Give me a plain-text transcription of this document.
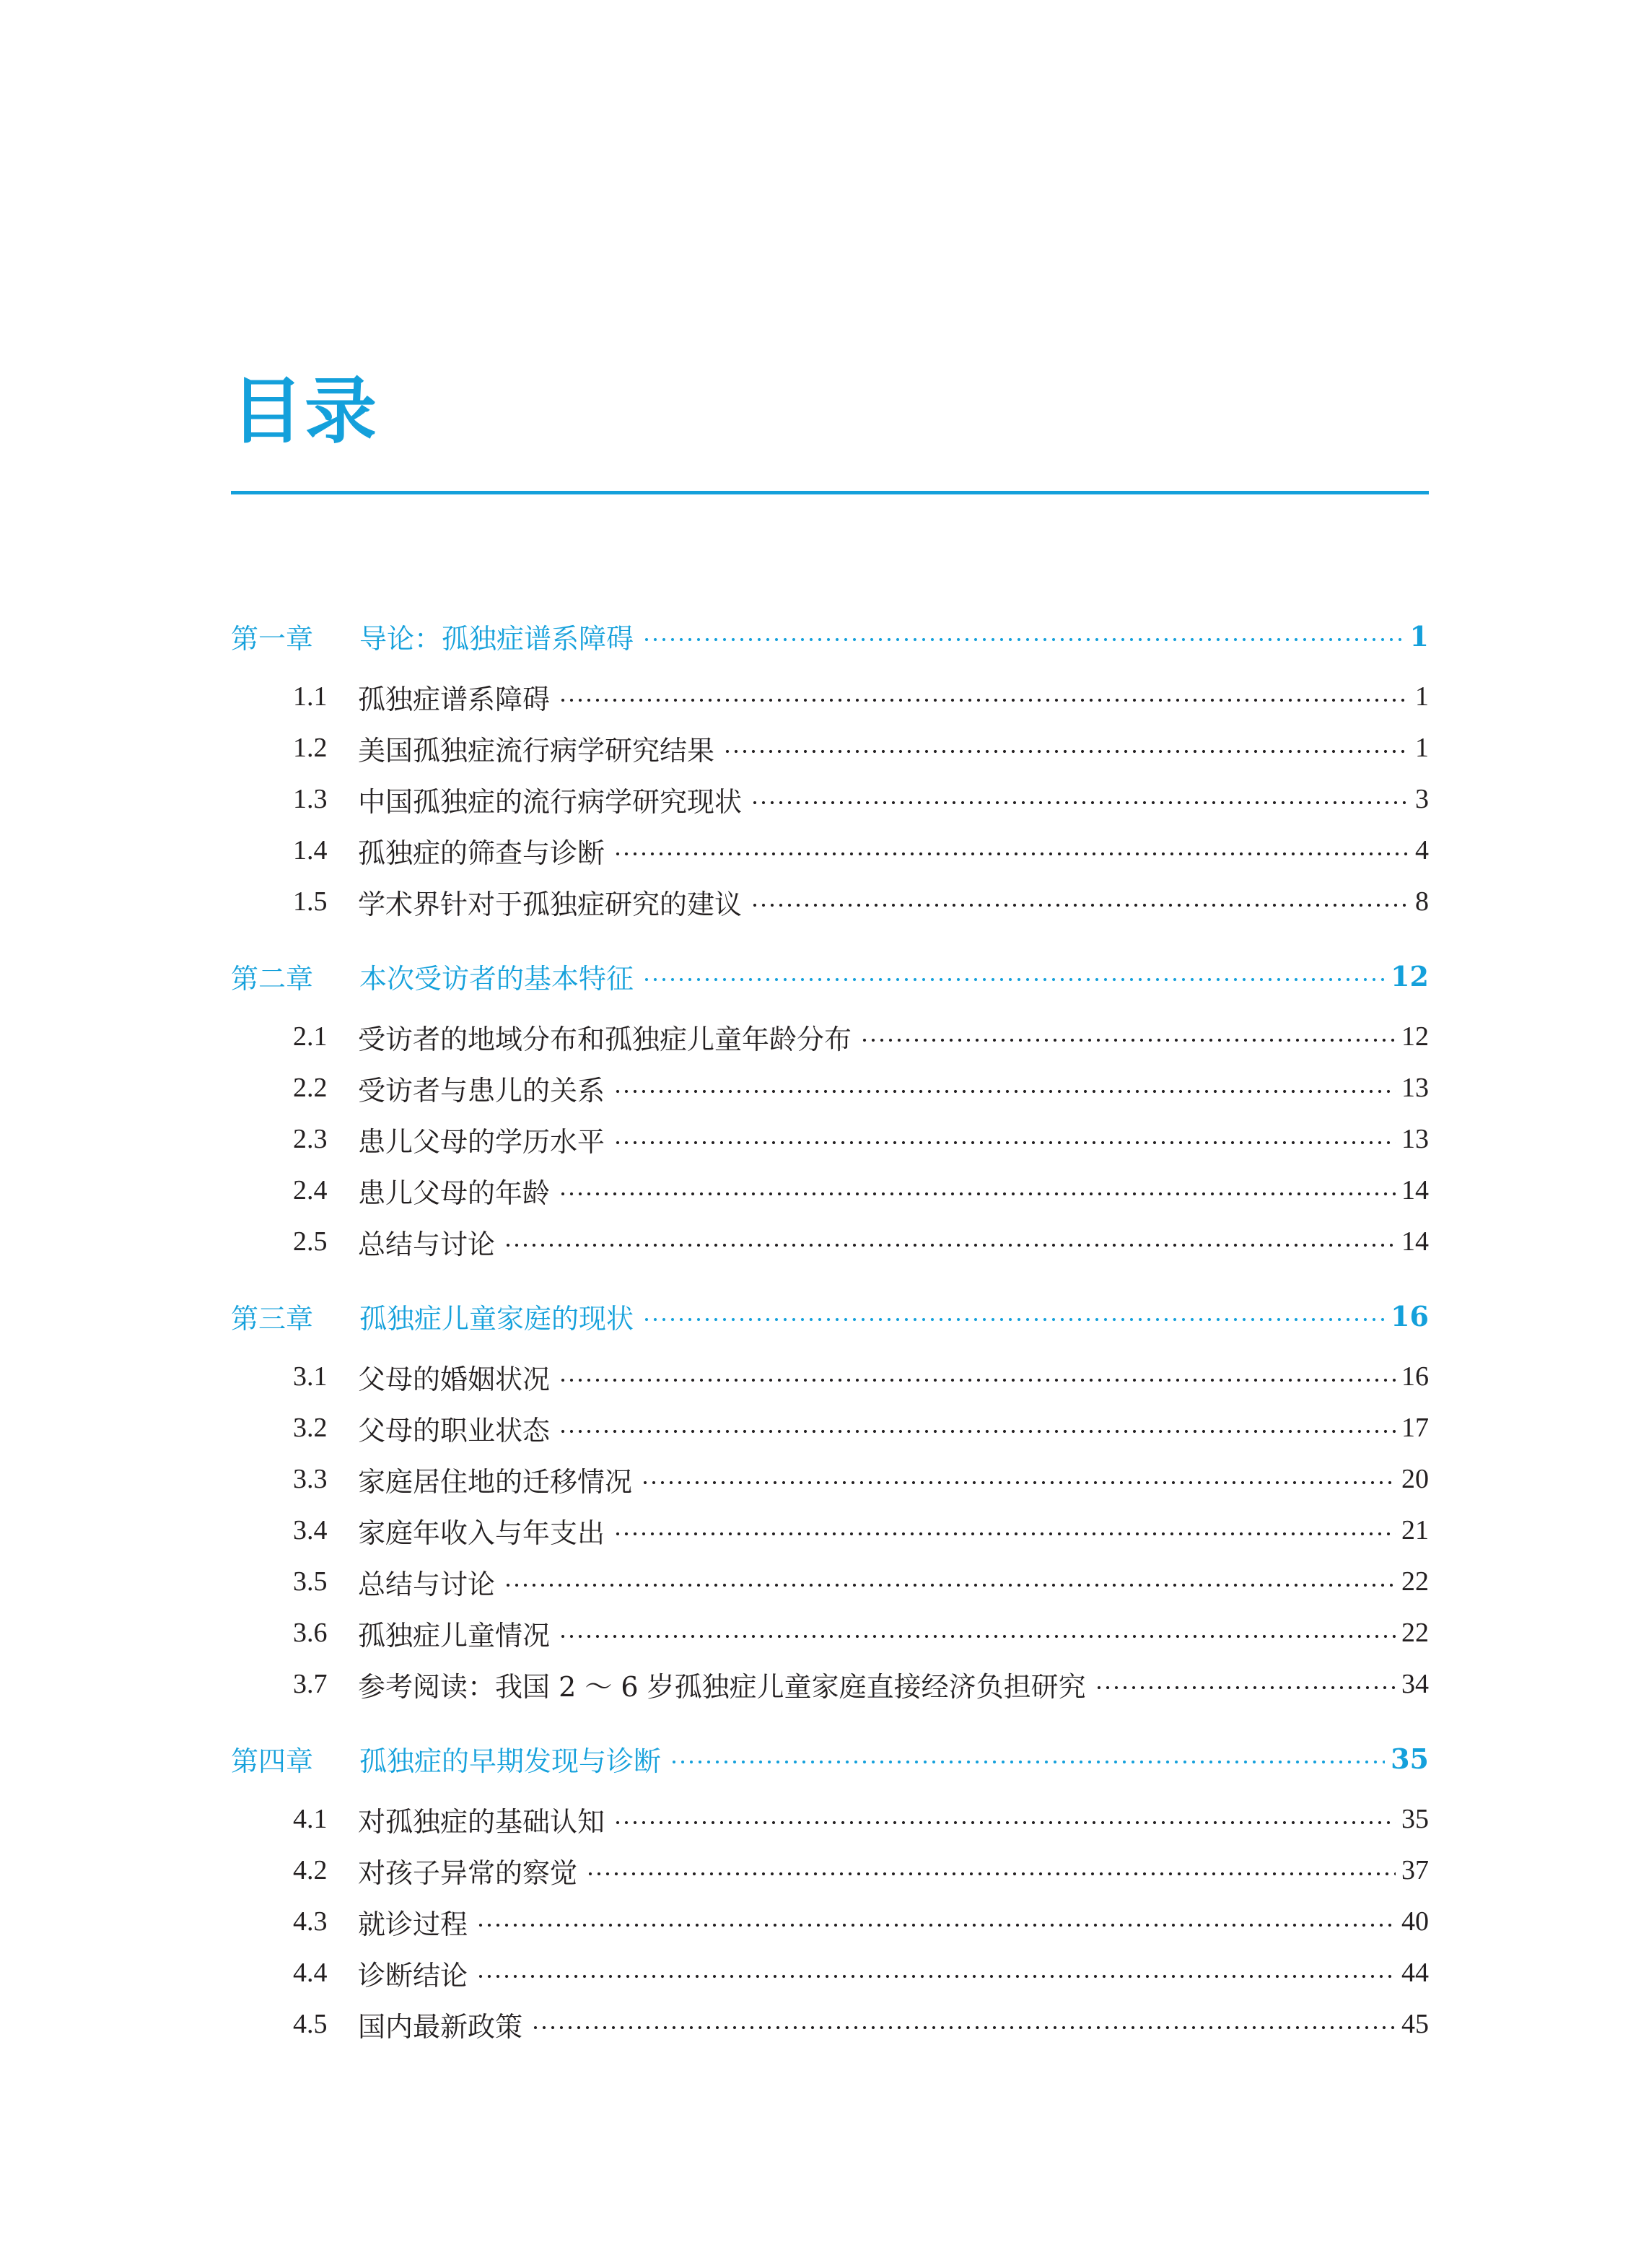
目录
第一章	导论：孤独症谱系障碍	1
1.1	孤独症谱系障碍	1
1.2	美国孤独症流行病学研究结果	1
1.3	中国孤独症的流行病学研究现状	3
1.4	孤独症的筛查与诊断	4
1.5	学术界针对于孤独症研究的建议	8
第二章	本次受访者的基本特征	12
2.1	受访者的地域分布和孤独症儿童年龄分布	12
2.2	受访者与患儿的关系	13
2.3	患儿父母的学历水平	13
2.4	患儿父母的年龄	14
2.5	总结与讨论	14
第三章	孤独症儿童家庭的现状	16
3.1	父母的婚姻状况	16
3.2	父母的职业状态	17
3.3	家庭居住地的迁移情况	20
3.4	家庭年收入与年支出	21
3.5	总结与讨论	22
3.6	孤独症儿童情况	22
3.7	参考阅读：我国 2 ～ 6 岁孤独症儿童家庭直接经济负担研究	34
第四章	孤独症的早期发现与诊断	35
4.1	对孤独症的基础认知	35
4.2	对孩子异常的察觉	37
4.3	就诊过程	40
4.4	诊断结论	44
4.5	国内最新政策	45
